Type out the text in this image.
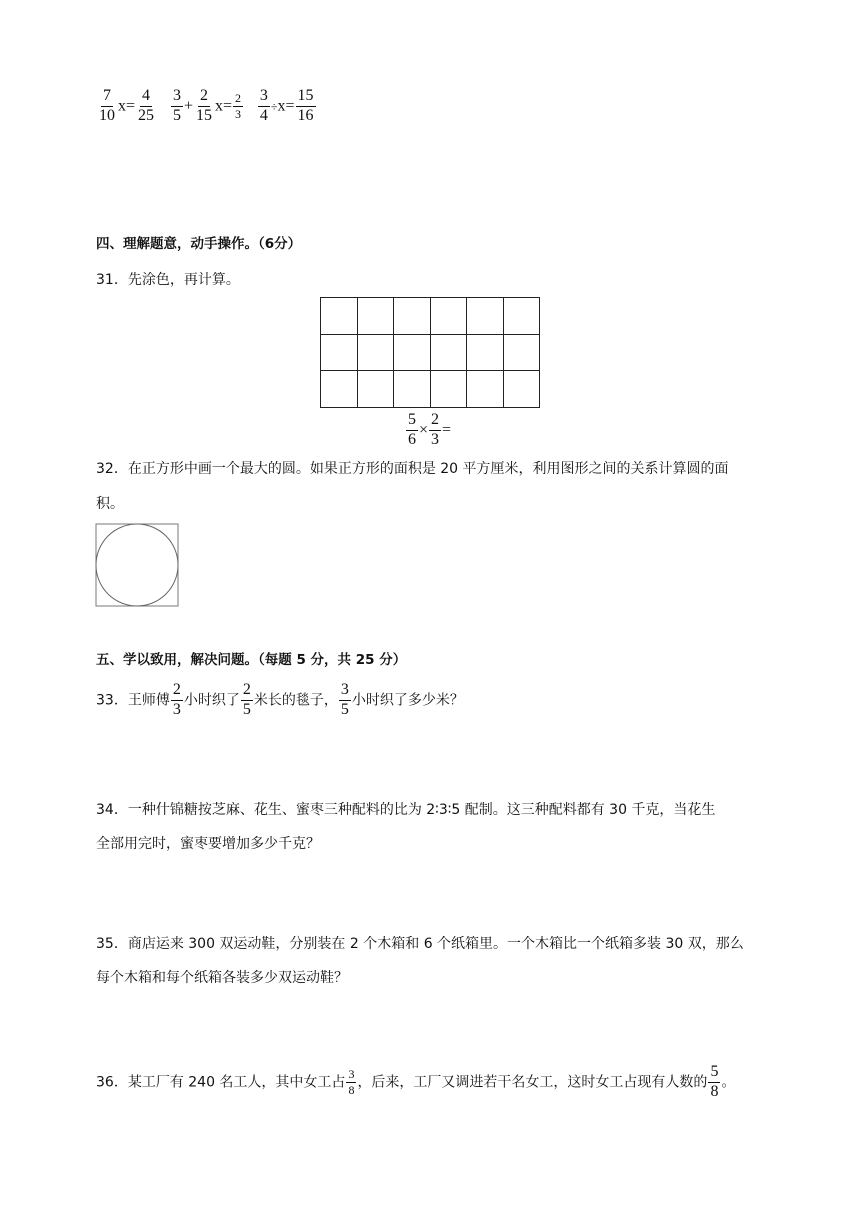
$\frac{7}{10} x= \frac{4}{25}$
$\frac{3}{5} + \frac{2}{15} x= \frac{2}{3}$
$\frac{3}{4} \div x= \frac{15}{16}$
四、理解题意，动手操作。（6分）
31．先涂色，再计算。
$\frac{5}{6} \times \frac{2}{3}$ =
32．在正方形中画一个最大的圆。如果正方形的面积是 20 平方厘米，利用图形之间的关系计算圆的面
积。
五、学以致用，解决问题。（每题 5 分，共 25 分）
33．王师傅 $\frac{2}{3}$ 小时织了 $\frac{2}{5}$ 米长的毯子， $\frac{3}{5}$ 小时织了多少米？
34．一种什锦糖按芝麻、花生、蜜枣三种配料的比为 2∶3∶5 配制。这三种配料都有 30 千克，当花生
全部用完时，蜜枣要增加多少千克？
35．商店运来 300 双运动鞋，分别装在 2 个木箱和 6 个纸箱里。一个木箱比一个纸箱多装 30 双，那么
每个木箱和每个纸箱各装多少双运动鞋？
36．某工厂有 240 名工人，其中女工占 $\frac{3}{8}$ ，后来，工厂又调进若干名女工，这时女工占现有人数的 $\frac{5}{8}$ 。
